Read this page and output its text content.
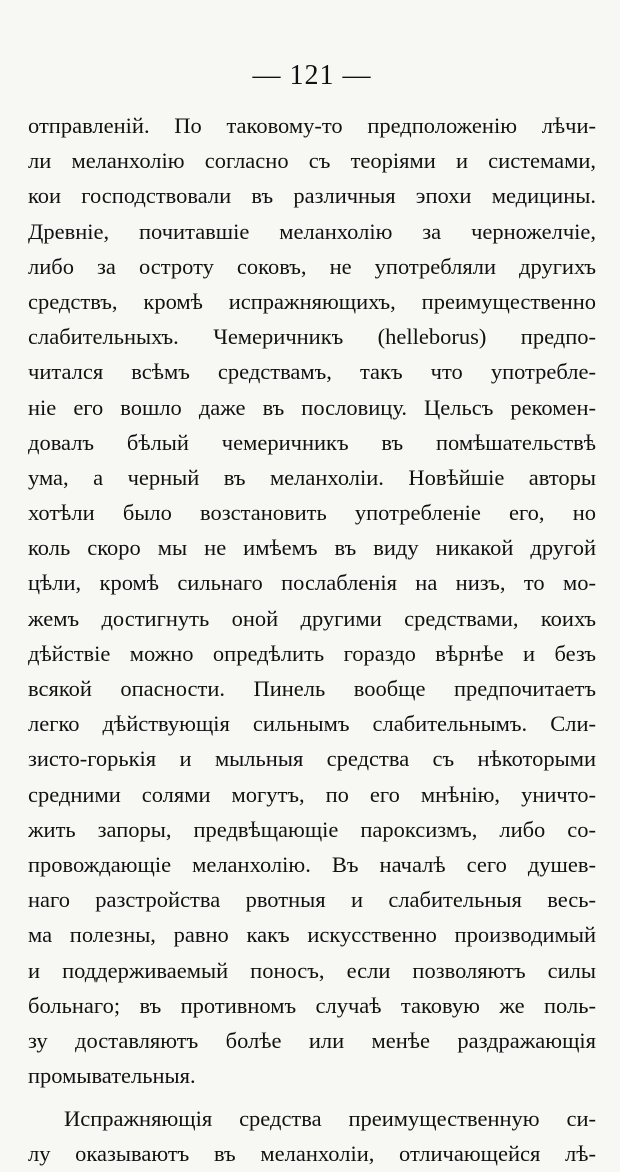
— 121 —
отправленій. По таковому-то предположенію лѣчи-
ли меланхолію согласно съ теоріями и системами,
кои господствовали въ различныя эпохи медицины.
Древніе, почитавшіе меланхолію за черножелчіе,
либо за остроту соковъ, не употребляли другихъ
средствъ, кромѣ испражняющихъ, преимущественно
слабительныхъ. Чемеричникъ (helleborus) предпо-
читался всѣмъ средствамъ, такъ что употребле-
ніе его вошло даже въ пословицу. Цельсъ рекомен-
довалъ бѣлый чемеричникъ въ помѣшательствѣ
ума, а черный въ меланхоліи. Новѣйшіе авторы
хотѣли было возстановить употребленіе его, но
коль скоро мы не имѣемъ въ виду никакой другой
цѣли, кромѣ сильнаго послабленія на низъ, то мо-
жемъ достигнуть оной другими средствами, коихъ
дѣйствіе можно опредѣлить гораздо вѣрнѣе и безъ
всякой опасности. Пинель вообще предпочитаетъ
легко дѣйствующія сильнымъ слабительнымъ. Сли-
зисто-горькія и мыльныя средства съ нѣкоторыми
средними солями могутъ, по его мнѣнію, уничто-
жить запоры, предвѣщающіе пароксизмъ, либо со-
провождающіе меланхолію. Въ началѣ сего душев-
наго разстройства рвотныя и слабительныя весь-
ма полезны, равно какъ искусственно производимый
и поддерживаемый поносъ, если позволяютъ силы
больнаго; въ противномъ случаѣ таковую же поль-
зу доставляютъ болѣе или менѣе раздражающія
промывательныя.
Испражняющія средства преимущественную си-
лу оказываютъ въ меланхоліи, отличающейся лѣ-
